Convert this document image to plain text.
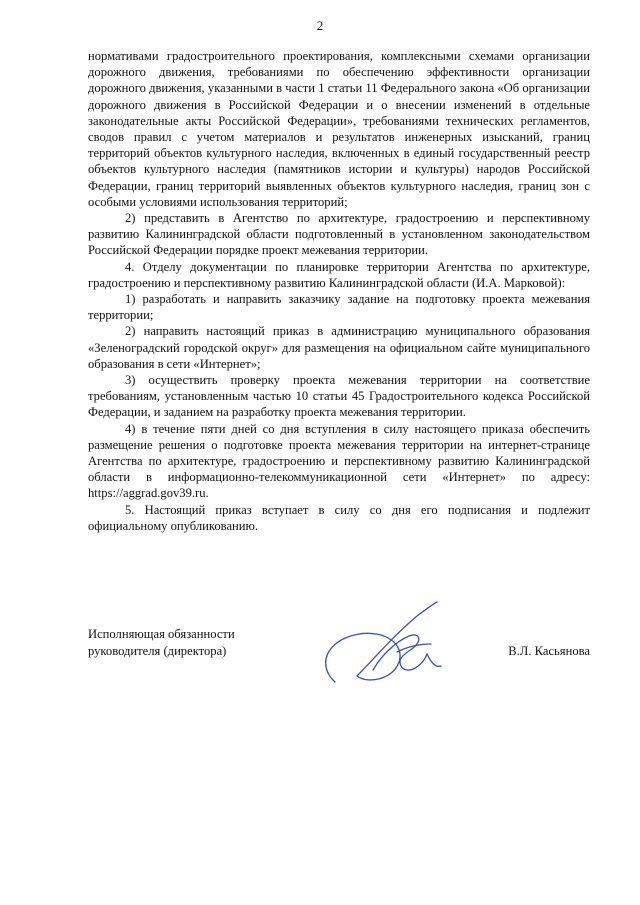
2

нормативами градостроительного проектирования, комплексными схемами организации дорожного движения, требованиями по обеспечению эффективности организации дорожного движения, указанными в части 1 статьи 11 Федерального закона «Об организации дорожного движения в Российской Федерации и о внесении изменений в отдельные законодательные акты Российской Федерации», требованиями технических регламентов, сводов правил с учетом материалов и результатов инженерных изысканий, границ территорий объектов культурного наследия, включенных в единый государственный реестр объектов культурного наследия (памятников истории и культуры) народов Российской Федерации, границ территорий выявленных объектов культурного наследия, границ зон с особыми условиями использования территорий;

2) представить в Агентство по архитектуре, градостроению и перспективному развитию Калининградской области подготовленный в установленном законодательством Российской Федерации порядке проект межевания территории.

4. Отделу документации по планировке территории Агентства по архитектуре, градостроению и перспективному развитию Калининградской области (И.А. Марковой):

1) разработать и направить заказчику задание на подготовку проекта межевания территории;

2) направить настоящий приказ в администрацию муниципального образования «Зеленоградский городской округ» для размещения на официальном сайте муниципального образования в сети «Интернет»;

3) осуществить проверку проекта межевания территории на соответствие требованиям, установленным частью 10 статьи 45 Градостроительного кодекса Российской Федерации, и заданием на разработку проекта межевания территории.

4) в течение пяти дней со дня вступления в силу настоящего приказа обеспечить размещение решения о подготовке проекта межевания территории на интернет-странице Агентства по архитектуре, градостроению и перспективному развитию Калининградской области в информационно-телекоммуникационной сети «Интернет» по адресу: https://aggrad.gov39.ru.

5. Настоящий приказ вступает в силу со дня его подписания и подлежит официальному опубликованию.

Исполняющая обязанности
руководителя (директора)	В.Л. Касьянова
